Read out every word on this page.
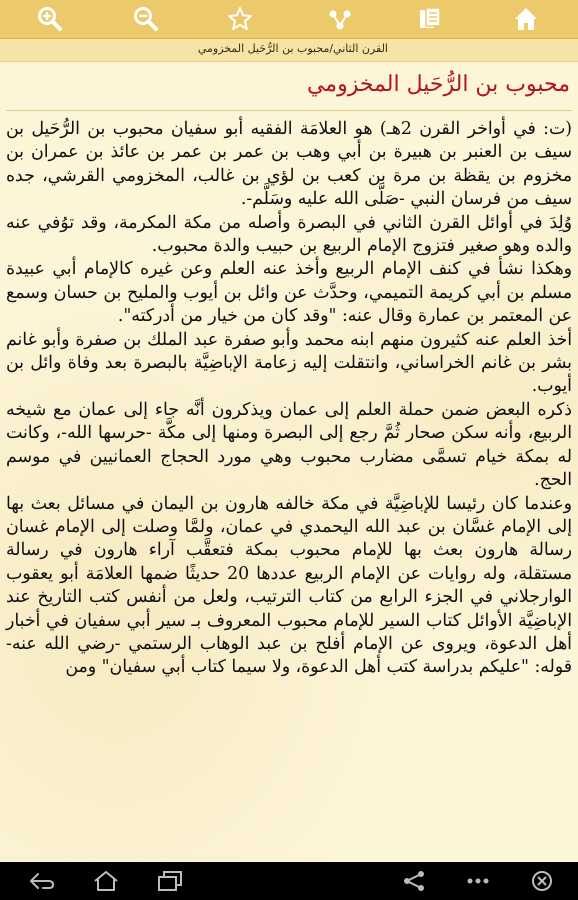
القرن الثاني/محبوب بن الرُّحَيل المخزومي
محبوب بن الرُّحَيل المخزومي

(ت: في أواخر القرن 2هـ) هو العلامَة الفقيه أبو سفيان محبوب بن الرُّحَيل بن سيف بن العنبر بن هبيرة بن أبي وهب بن عمر بن عمر بن عائذ بن عمران بن مخزوم بن يقظة بن مرة بن كعب بن لؤي بن غالب، المخزومي القرشي، جده سيف من فرسان النبي -صَلَّى الله عليه وسَلَّم-.

وُلِدَ في أوائل القرن الثاني في البصرة وأصله من مكة المكرمة، وقد توُفي عنه والده وهو صغير فتزوج الإمام الربيع بن حبيب والدة محبوب.

وهكذا نشأ في كنف الإمام الربيع وأخذ عنه العلم وعن غيره كالإمام أبي عبيدة مسلم بن أبي كريمة التميمي، وحدَّث عن وائل بن أيوب والمليح بن حسان وسمع عن المعتمر بن عمارة وقال عنه: "وقد كان من خيار من أدركته".

أخذ العلم عنه كثيرون منهم ابنه محمد وأبو صفرة عبد الملك بن صفرة وأبو غانم بشر بن غانم الخراساني، وانتقلت إليه زعامة الإباضِيَّة بالبصرة بعد وفاة وائل بن أيوب.

ذكره البعض ضمن حملة العلم إلى عمان ويذكرون أنَّه جاء إلى عمان مع شيخه الربيع، وأنه سكن صحار ثُمَّ رجع إلى البصرة ومنها إلى مكَّة -حرسها الله-، وكانت له بمكة خيام تسمَّى مضارب محبوب وهي مورد الحجاج العمانيين في موسم الحج.

وعندما كان رئيسا للإباضِيَّة في مكة خالفه هارون بن اليمان في مسائل بعث بها إلى الإمام غسَّان بن عبد الله اليحمدي في عمان، ولمَّا وصلت إلى الإمام غسان رسالة هارون بعث بها للإمام محبوب بمكة فتعقَّب آراء هارون في رسالة مستقلة، وله روايات عن الإمام الربيع عددها 20 حديثًا ضمها العلامَة أبو يعقوب الوارجلاني في الجزء الرابع من كتاب الترتيب، ولعل من أنفس كتب التاريخ عند الإباضِيَّة الأوائل كتاب السير للإمام محبوب المعروف بـ سير أبي سفيان في أخبار أهل الدعوة، ويروى عن الإمام أفلح بن عبد الوهاب الرستمي -رضي الله عنه-قوله: "عليكم بدراسة كتب أهل الدعوة، ولا سيما كتاب أبي سفيان" ومن
